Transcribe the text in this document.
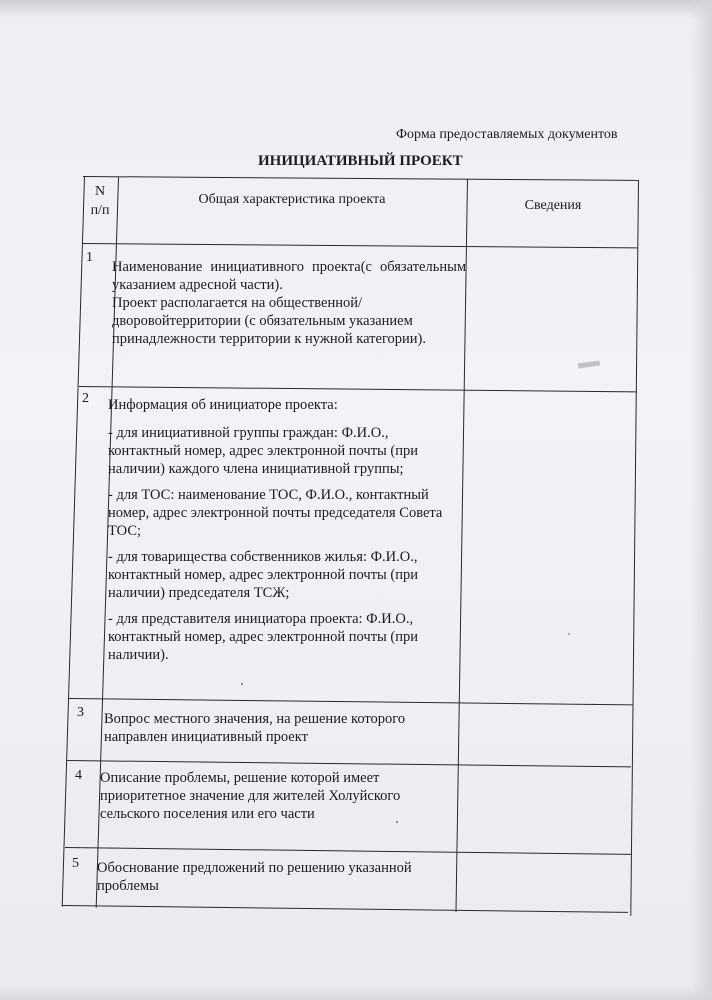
Форма предоставляемых документов
ИНИЦИАТИВНЫЙ ПРОЕКТ
N
п/п
Общая характеристика проекта	Сведения
1

Наименование инициативного проекта(с обязательным указанием адресной части).

Проект располагается на общественной/дворовойтерритории (с обязательным указанием принадлежности территории к нужной категории).

2 Информация об инициаторе проекта:

- для инициативной группы граждан: Ф.И.О., контактный номер, адрес электронной почты (при наличии) каждого члена инициативной группы;

- для ТОС: наименование ТОС, Ф.И.О., контактный номер, адрес электронной почты председателя Совета ТОС;

- для товарищества собственников жилья: Ф.И.О., контактный номер, адрес электронной почты (при наличии) председателя ТСЖ;

- для представителя инициатора проекта: Ф.И.О., контактный номер, адрес электронной почты (при наличии).

3 Вопрос местного значения, на решение которого направлен инициативный проект
4 Описание проблемы, решение которой имеет приоритетное значение для жителей Холуйского сельского поселения или его части
5 Обоснование предложений по решению указанной проблемы
